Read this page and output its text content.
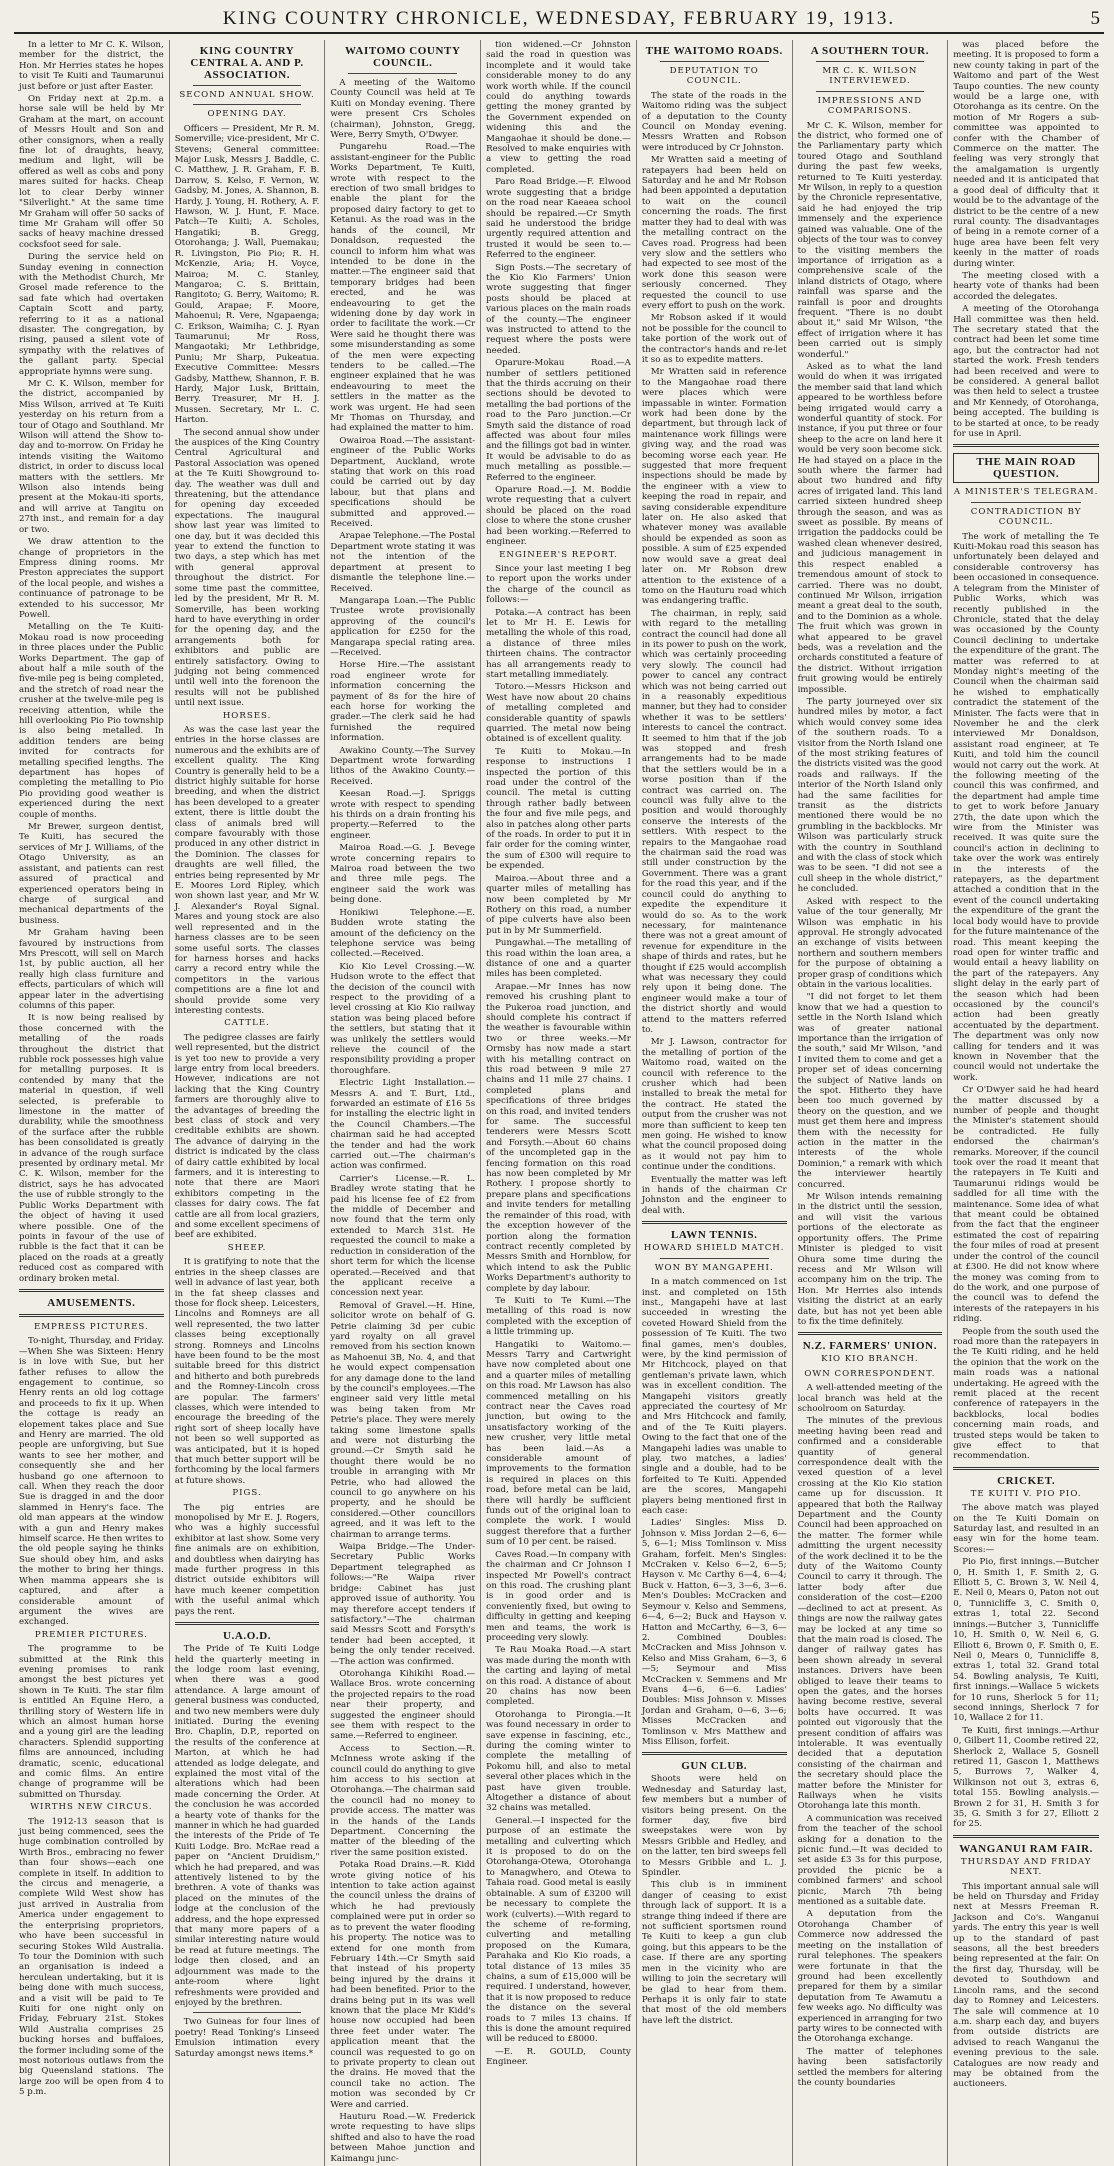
KING COUNTRY CHRONICLE, WEDNESDAY, FEBRUARY 19, 1913.	5

In a letter to Mr C. K. Wilson, member for the district, the Hon. Mr Herries states he hopes to visit Te Kuiti and Taumarunui just before or just after Easter.

On Friday next at 2p.m. a horse sale will be held by Mr Graham at the mart, on account of Messrs Hoult and Son and other consignors, when a really fine lot of draughts, heavy, medium and light, will be offered as well as cobs and pony mares suited for hacks. Cheap lot to clear Derby winner "Silverlight." At the same time Mr Graham will offer 50 sacks of time Mr Graham will offer 50 sacks of heavy machine dressed cocksfoot seed for sale.

During the service held on Sunday evening in connection with the Methodist Church, Mr Grosel made reference to the sad fate which had overtaken Captain Scott and party, referring to it as a national disaster. The congregation, by rising, paused a silent vote of sympathy with the relatives of the gallant party. Special appropriate hymns were sung.

Mr C. K. Wilson, member for the district, accompanied by Miss Wilson, arrived at Te Kuiti yesterday on his return from a tour of Otago and Southland. Mr Wilson will attend the Show to-day and to-morrow. On Friday he intends visiting the Waitomo district, in order to discuss local matters with the settlers. Mr Wilson also intends being present at the Mokau-iti sports, and will arrive at Tangitu on 27th inst., and remain for a day or two.

We draw attention to the change of proprietors in the Empress dining rooms. Mr Preston appreciates the support of the local people, and wishes a continuance of patronage to be extended to his successor, Mr Powell.

Metalling on the Te Kuiti-Mokau road is now proceeding in three places under the Public Works Department. The gap of about half a mile south of the five-mile peg is being completed, and the stretch of road near the crusher at the twelve-mile peg is receiving attention, while the hill overlooking Pio Pio township is also being metalled. In addition tenders are being invited for contracts for metalling specified lengths. The department has hopes of completing the metalling to Pio Pio providing good weather is experienced during the next couple of months.

Mr Brewer, surgeon dentist, Te Kuiti, has secured the services of Mr J. Williams, of the Otago University, as an assistant, and patients can rest assured of practical and experienced operators being in charge of surgical and mechanical departments of the business.

Mr Graham having been favoured by instructions from Mrs Prescott, will sell on March 1st, by public auction, all her really high class furniture and effects, particulars of which will appear later in the advertising columns of this paper.

It is now being realised by those concerned with the metalling of the roads throughout the district that rubble rock possesses high value for metalling purposes. It is contended by many that the material in question, if well selected, is preferable to limestone in the matter of durability, while the smoothness of the surface after the rubble has been consolidated is greatly in advance of the rough surface presented by ordinary metal. Mr C. K. Wilson, member for the district, says he has advocated the use of rubble strongly to the Public Works Department with the object of having it used where possible. One of the points in favour of the use of rubble is the fact that it can be placed on the roads at a greatly reduced cost as compared with ordinary broken metal.

AMUSEMENTS.
EMPRESS PICTURES.

To-night, Thursday, and Friday.—When She was Sixteen: Henry is in love with Sue, but her father refuses to allow the engagement to continue, so Henry rents an old log cottage and proceeds to fix it up. When the cottage is ready an elopement takes place and Sue and Henry are married. The old people are unforgiving, but Sue wants to see her mother, and consequently she and her husband go one afternoon to call. When they reach the door Sue is dragged in and the door slammed in Henry's face. The old man appears at the window with a gun and Henry makes himself scarce. He then writes to the old people saying he thinks Sue should obey him, and asks the mother to bring her things. When mamma appears she is captured, and after a considerable amount of argument the wives are exchanged.

PREMIER PICTURES.

The programme to be submitted at the Rink this evening promises to rank amongst the best pictures yet shown in Te Kuiti. The star film is entitled An Equine Hero, a thrilling story of Western life in which an almost human horse and a young girl are the leading characters. Splendid supporting films are announced, including dramatic, scenic, educational and comic films. An entire change of programme will be submitted on Thursday.

WIRTHS NEW CIRCUS.

The 1912-13 season that is just being commenced, sees the huge combination controlled by Wirth Bros., embracing no fewer than four shows—each one complete in itself. In addition to the circus and menagerie, a complete Wild West show has just arrived in Australia from America under engagement to the enterprising proprietors, who have been successful in securing Stokes Wild Australia. To tour the Dominion with such an organisation is indeed a herculean undertaking, but it is being done with much success, and a visit will be paid to Te Kuiti for one night only on Friday, February 21st. Stokes Wild Australia comprises 25 bucking horses and buffaloes, the former including some of the most notorious outlaws from the big Queensland stations. The large zoo will be open from 4 to 5 p.m.

KING COUNTRY CENTRAL A. AND P. ASSOCIATION.
SECOND ANNUAL SHOW.
OPENING DAY.

Officers — President, Mr R. M. Somerville; vice-president, Mr C. Stevens; General committee: Major Lusk, Messrs J. Baddle, C. C. Matthew, J. R. Graham, F. B. Darrow, S. Kelso, F. Vernon, W. Gadsby, M. Jones, A. Shannon, B. Hardy, J. Young, H. Rothery, A. F. Hawson, W. J. Hunt, F. Mace. Patch—Te Kuiti; A. Scholes, Hangatiki; B. Gregg, Otorohanga; J. Wall, Puemakau; R. Livingston, Pio Pio; R. H. McKenzie, Aria; H. Voyce, Mairoa; M. C. Stanley, Mangaroa; C. S. Brittain, Rangitoto; G. Berry, Waitomo; R. Gould, Arapae; F. Moore, Mahoenui; R. Vere, Ngapaenga; C. Erikson, Waimiha; C. J. Ryan Taumarunui; Mr Ross, Mangaotaki; Mr Lethbridge, Puniu; Mr Sharp, Pukeatua. Executive Committee: Messrs Gadsby, Matthew, Shannon, F. B. Hardy, Major Lusk, Brittain, Berry. Treasurer, Mr H. J. Mussen. Secretary, Mr L. C. Harton.

The second annual show under the auspices of the King Country Central Agricultural and Pastoral Association was opened at the Te Kuiti Showground to-day. The weather was dull and threatening, but the attendance for opening day exceeded expectations. The inaugural show last year was limited to one day, but it was decided this year to extend the function to two days, a step which has met with general approval throughout the district. For some time past the committee, led by the president, Mr R. M. Somerville, has been working hard to have everything in order for the opening day, and the arrangements both for exhibitors and public are entirely satisfactory. Owing to judging not being commenced until well into the forenoon the results will not be published until next issue.

HORSES.

As was the case last year the entries in the horse classes are numerous and the exhibits are of excellent quality. The King Country is generally held to be a district highly suitable for horse breeding, and when the district has been developed to a greater extent, there is little doubt the class of animals bred will compare favourably with those produced in any other district in the Dominion. The classes for draughts are well filled, the entries being represented by Mr E. Moores Lord Ripley, which won shown last year, and Mr W. J. Alexander's Royal Signal. Mares and young stock are also well represented and in the harness classes are to be seen some useful sorts. The classes for harness horses and hacks carry a record entry while the competitors in the various competitions are a fine lot and should provide some very interesting contests.

CATTLE.

The pedigree classes are fairly well represented, but the district is yet too new to provide a very large entry from local breeders. However, indications are not lacking that the King Country farmers are thoroughly alive to the advantages of breeding the best class of stock and very creditable exhibits are shown. The advance of dairying in the district is indicated by the class of dairy cattle exhibited by local farmers, and it is interesting to note that there are Maori exhibitors competing in the classes for dairy cows. The fat cattle are all from local graziers, and some excellent specimens of beef are exhibited.

SHEEP.

It is gratifying to note that the entries in the sheep classes are well in advance of last year, both in the fat sheep classes and those for flock sheep. Leicesters, Lincolns and Romneys are all well represented, the two latter classes being exceptionally strong. Romneys and Lincolns have been found to be the most suitable breed for this district and hitherto and both purebreds and the Romney-Lincoln cross are popular. The farmers' classes, which were intended to encourage the breeding of the right sort of sheep locally have not been so well supported as was anticipated, but it is hoped that much better support will be forthcoming by the local farmers at future shows.

PIGS.

The pig entries are monopolised by Mr E. J. Rogers, who was a highly successful exhibitor at last show. Some very fine animals are on exhibition, and doubtless when dairying has made further progress in this district outside exhibitors will have much keener competition with the useful animal which pays the rent.

U.A.O.D.

The Pride of Te Kuiti Lodge held the quarterly meeting in the lodge room last evening, when there was a good attendance. A large amount of general business was conducted, and two new members were duly initiated. During the evening Bro. Chaplin, D.P., reported on the results of the conference at Marton, at which he had attended as lodge delegate, and explained the most vital of the alterations which had been made concerning the Order. At the conclusion he was accorded a hearty vote of thanks for the manner in which he had guarded the interests of the Pride of Te Kuiti Lodge. Bro. McRae read a paper on "Ancient Druidism," which he had prepared, and was attentively listened to by the brethren. A vote of thanks was placed on the minutes of the lodge at the conclusion of the address, and the hope expressed that many more papers of a similar interesting nature would be read at future meetings. The lodge then closed, and an adjournment was made to the ante-room where light refreshments were provided and enjoyed by the brethren.

Two Guineas for four lines of poetry! Read Tonking's Linseed Emulsion intimation every Saturday amongst news items.*

WAITOMO COUNTY COUNCIL.

A meeting of the Waitomo County Council was held at Te Kuiti on Monday evening. There were present Crs Scholes (chairman), Johnston, Gregg, Were, Berry Smyth, O'Dwyer.

Pungarehu Road.—The assistant-engineer for the Public Works Department, Te Kuiti, wrote with respect to the erection of two small bridges to enable the plant for the proposed dairy factory to get to Ketanui. As the road was in the hands of the council, Mr Donaldson, requested the council to inform him what was intended to be done in the matter.—The engineer said that temporary bridges had been erected, and he was endeavouring to get the widening done by day work in order to facilitate the work.—Cr Were said he thought there was some misunderstanding as some of the men were expecting tenders to be called.—The engineer explained that he was endeavouring to meet the settlers in the matter as the work was urgent. He had seen Mr Thomas on Thursday, and had explained the matter to him.

Owairoa Road.—The assistant-engineer of the Public Works Department, Auckland, wrote stating that work on this road could be carried out by day labour, but that plans and specifications should be submitted and approved.—Received.

Arapae Telephone.—The Postal Department wrote stating it was not the intention of the department at present to dismantle the telephone line.—Received.

Mangarapa Loan.—The Public Trustee wrote provisionally approving of the council's application for £250 for the Mangarapa special rating area.—Received.

Horse Hire.—The assistant road engineer wrote for information concerning the payment of 8s for the hire of each horse for working the grader.—The clerk said he had furnished the required information.

Awakino County.—The Survey Department wrote forwarding lithos of the Awakino County.—Received.

Keesan Road.—J. Spriggs wrote with respect to spending his thirds on a drain fronting his property.—Referred to the engineer.

Mairoa Road.—G. J. Bevege wrote concerning repairs to Mairoa road between the two and three mile pegs. The engineer said the work was being done.

Honikiwi Telephone.—E. Budden wrote stating the amount of the deficiency on the telephone service was being collected.—Received.

Kio Kio Level Crossing.—W. Hudson wrote to the effect that the decision of the council with respect to the providing of a level crossing at Kio Kio railway station was being placed before the settlers, but stating that it was unlikely the settlers would relieve the council of the responsibility providing a proper thoroughfare.

Electric Light Installation.—Messrs A. and T. Burt, Ltd., forwarded an estimate of £16 5s for installing the electric light in the Council Chambers.—The chairman said he had accepted the tender and had the work carried out.—The chairman's action was confirmed.

Carrier's License.—R. L. Bradley wrote stating that he paid his license fee of £2 from the middle of December and now found that the term only extended to March 31st. He requested the council to make a reduction in consideration of the short term for which the license operated.—Received and that the applicant receive a concession next year.

Removal of Gravel.—H. Hine, solicitor wrote on behalf of G. Petrie claiming 3d per cubic yard royalty on all gravel removed from his section known as Mahoenui 3B, No. 4, and that he would expect compensation for any damage done to the land by the council's employees.—The engineer said very little metal was being taken from Mr Petrie's place. They were merely taking some limestone spalls and were not disturbing the ground.—Cr Smyth said he thought there would be no trouble in arranging with Mr Petrie, who had allowed the council to go anywhere on his property, and he should be considered.—Other councillors agreed, and it was left to the chairman to arrange terms.

Waipa Bridge.—The Under-Secretary Public Works Department telegraphed as follows:—"Re Waipa river bridge: Cabinet has just approved issue of authority. You may therefore accept tenders if satisfactory."—The chairman said Messrs Scott and Forsyth's tender had been accepted, it being the only tender received.—The action was confirmed.

Otorohanga Kihikihi Road.—Wallace Bros. wrote concerning the projected repairs to the road near their property, and suggested the engineer should see them with respect to the same.—Referred to engineer.

Access to Section.—R. McInness wrote asking if the council could do anything to give him access to his section at Otorohanga.—The chairman said the council had no money to provide access. The matter was in the hands of the Lands Department. Concerning the matter of the bleeding of the river the same position existed.

Potaka Road Drains.—R. Kidd wrote giving notice of his intention to take action against the council unless the drains of which he had previously complained were put in order so as to prevent the water flooding his property. The notice was to extend for one month from February 14th.—Cr Smyth said that instead of his property being injured by the drains it had been benefited. Prior to the drains being put in its was well known that the place Mr Kidd's house now occupied had been three feet under water. The application meant that the council was requested to go on to private property to clean out the drains. He moved that the council take no action. The motion was seconded by Cr Were and carried.

Hauturu Road.—W. Frederick wrote requesting to have slips shifted and also to have the road between Mahoe junction and Kaimangu junc-

tion widened.—Cr Johnston said the road in question was incomplete and it would take considerable money to do any work worth while. If the council could do anything towards getting the money granted by the Government expended on widening this and the Mangaohae it should be done.—Resolved to make enquiries with a view to getting the road completed.

Paro Road Bridge.—F. Elwood wrote suggesting that a bridge on the road near Kaeaea school should be repaired.—Cr Smyth said he understood the bridge urgently required attention and trusted it would be seen to.—Referred to the engineer.

Sign Posts.—The secretary of the Kio Kio Farmers' Union wrote suggesting that finger posts should be placed at various places on the main roads of the county.—The engineer was instructed to attend to the request where the posts were needed.

Oparure-Mokau Road.—A number of settlers petitioned that the thirds accruing on their sections should be devoted to metalling the bad portions of the road to the Paro junction.—Cr Smyth said the distance of road affected was about four miles and the fillings got bad in winter. It would be advisable to do as much metalling as possible.—Referred to the engineer.

Oparure Road.—J. M. Boddie wrote requesting that a culvert should be placed on the road close to where the stone crusher had been working.—Referred to engineer.

ENGINEER'S REPORT.

Since your last meeting I beg to report upon the works under the charge of the council as follows:—

Potaka.—A contract has been let to Mr H. E. Lewis for metalling the whole of this road, a distance of three miles thirteen chains. The contractor has all arrangements ready to start metalling immediately.

Totoro.—Messrs Hickson and West have now about 20 chains of metalling completed and considerable quantity of spawls quarried. The metal now being obtained is of excellent quality.

Te Kuiti to Mokau.—In response to instructions I inspected the portion of this road under the control of the council. The metal is cutting through rather badly between the four and five mile pegs, and also in patches along other parts of the roads. In order to put it in fair order for the coming winter, the sum of £300 will require to be expended.

Mairoa.—About three and a quarter miles of metalling has now been completed by Mr Rothery on this road, a number of pipe culverts have also been put in by Mr Summerfield.

Pungawhai.—The metalling of this road within the loan area, a distance of one and a quarter miles has been completed.

Arapae.—Mr Innes has now removed his crushing plant to the Pukeroa road junction, and should complete his contract if the weather is favourable within two or three weeks.—Mr Ormsby has now made a start with his metalling contract on this road between 9 mile 27 chains and 11 mile 27 chains. I completed plans and specifications of three bridges on this road, and invited tenders for same. The successful tenderers were Messrs Scott and Forsyth.—About 60 chains of the uncompleted gap in the fencing formation on this road has now been completed by Mr Rothery. I propose shortly to prepare plans and specifications and invite tenders for metalling the remainder of this road, with the exception however of the portion along the formation contract recently completed by Messrs Smith and Hornblow, for which intend to ask the Public Works Department's authority to complete by day labour.

Te Kuiti to Te Kumi.—The metalling of this road is now completed with the exception of a little trimming up.

Hangatiki to Waitomo.—Messrs Tarry and Cartwright have now completed about one and a quarter miles of metalling on this road. Mr Lawson has also commenced metalling on his contract near the Caves road junction, but owing to the unsatisfactory working of the new crusher, very little metal has been laid.—As a considerable amount of improvements to the formation is required in places on this road, before metal can be laid, there will hardly be sufficient funds out of the original loan to complete the work. I would suggest therefore that a further sum of 10 per cent. be raised.

Caves Road.—In company with the chairman and Cr Johnson I inspected Mr Powell's contract on this road. The crushing plant is in good order and is conveniently fixed, but owing to difficulty in getting and keeping men and teams, the work is proceeding very slowly.

Te Rau Moaka Road.—A start was made during the month with the carting and laying of metal on this road. A distance of about 20 chains has now been completed.

Otorohanga to Pirongia.—It was found necessary in order to save expense in fascining, etc., during the coming winter to complete the metalling of Pokomu hill, and also to metal several other places which in the past have given trouble. Altogether a distance of about 32 chains was metalled.

General.—I inspected for the purpose of an estimate the metalling and culverting which it is proposed to do on the Otorohanga-Otewa, Otorohanga to Managwhero, and Otewa to Tahaia road. Good metal is easily obtainable. A sum of £3200 will be necessary to complete the work (culverts).—With regard to the scheme of re-forming, culverting and metalling proposed on the Kumara, Parahaka and Kio Kio roads, a total distance of 13 miles 35 chains, a sum of £15,000 will be required. I understand, however, that it is now proposed to reduce the distance on the several roads to 7 miles 13 chains. If this is done the amount required will be reduced to £8000.

—E. R. GOULD, County Engineer.

THE WAITOMO ROADS.
DEPUTATION TO COUNCIL.

The state of the roads in the Waitomo riding was the subject of a deputation to the County Council on Monday evening. Messrs Wratten and Robson were introduced by Cr Johnston.

Mr Wratten said a meeting of ratepayers had been held on Saturday and he and Mr Robson had been appointed a deputation to wait on the council concerning the roads. The first matter they had to deal with was the metalling contract on the Caves road. Progress had been very slow and the settlers who had expected to see most of the work done this season were seriously concerned. They requested the council to use every effort to push on the work.

Mr Robson asked if it would not be possible for the council to take portion of the work out of the contractor's hands and re-let it so as to expedite matters.

Mr Wratten said in reference to the Mangaohae road there were places which were impassable in winter. Formation work had been done by the department, but through lack of maintenance work fillings were giving way, and the road was becoming worse each year. He suggested that more frequent inspections should be made by the engineer with a view to keeping the road in repair, and saving considerable expenditure later on. He also asked that whatever money was available should be expended as soon as possible. A sum of £25 expended now would save a great deal later on. Mr Robson drew attention to the existence of a tomo on the Hauturu road which was endangering traffic.

The chairman, in reply, said with regard to the metalling contract the council had done all in its power to push on the work, which was certainly proceeding very slowly. The council had power to cancel any contract which was not being carried out in a reasonably expeditious manner, but they had to consider whether it was to be settlers' interests to cancel the contract. It seemed to him that if the job was stopped and fresh arrangements had to be made that the settlers would be in a worse position than if the contract was carried on. The council was fully alive to the position and would thoroughly conserve the interests of the settlers. With respect to the repairs to the Mangaohae road the chairman said the road was still under construction by the Government. There was a grant for the road this year, and if the council could do anything to expedite the expenditure it would do so. As to the work necessary, for maintenance there was not a great amount of revenue for expenditure in the shape of thirds and rates, but he thought if £25 would accomplish what was necessary they could rely upon it being done. The engineer would make a tour of the district shortly and would attend to the matters referred to.

Mr J. Lawson, contractor for the metalling of portion of the Waitomo road, waited on the council with reference to the crusher which had been installed to break the metal for the contract. He stated the output from the crusher was not more than sufficient to keep ten men going. He wished to know what the council proposed doing as it would not pay him to continue under the conditions.

Eventually the matter was left in hands of the chairman Cr Johnston and the engineer to deal with.

LAWN TENNIS.
HOWARD SHIELD MATCH.
WON BY MANGAPEHI.

In a match commenced on 1st inst. and completed on 15th inst., Mangapehi have at last succeeded in wresting the coveted Howard Shield from the possession of Te Kuiti. The two final games, men's doubles, were, by the kind permission of Mr Hitchcock, played on that gentleman's private lawn, which was in excellent condition. The Mangapehi visitors greatly appreciated the courtesy of Mr and Mrs Hitchcock and family, and of the Te Kuiti players. Owing to the fact that one of the Mangapehi ladies was unable to play, two matches, a ladies' single and a double, had to be forfeited to Te Kuiti. Appended are the scores, Mangapehi players being mentioned first in each case:

Ladies' Singles: Miss D. Johnson v. Miss Jordan 2—6, 6—5, 6—1; Miss Tomlinson v. Miss Graham, forfeit. Men's Singles: McCraken v. Kelso 6—2, 6—5; Hayson v. Mc Carthy 6—4, 6—4; Buck v. Hatton, 6—3, 3—6, 3—6. Men's Doubles: McCracken and Seymour v. Kelso and Semmens, 6—4, 6—2; Buck and Hayson v. Hatton and McCarthy, 6—3, 6—2. Combined Doubles: McCracken and Miss Johnson v. Kelso and Miss Graham, 6—3, 6—5; Seymour and Miss McCracken v. Semmens and Mr Evans 4—6, 6—6. Ladies' Doubles: Miss Johnson v. Misses Jordan and Graham, 0—6, 3—6; Misses McCracken and Tomlinson v. Mrs Matthew and Miss Ellison, forfeit.

GUN CLUB.

Shoots were held on Wednesday and Saturday last, few members but a number of visitors being present. On the former day, five bird sweepstakes were won by Messrs Gribble and Hedley, and on the latter, ten bird sweeps fell to Messrs Gribble and L. J. Spindler.

This club is in imminent danger of ceasing to exist through lack of support. It is a strange thing indeed if there are not sufficient sportsmen round Te Kuiti to keep a gun club going, but this appears to be the case. If there are any sporting men in the vicinity who are willing to join the secretary will be glad to hear from them. Perhaps it is only fair to state that most of the old members have left the district.

A SOUTHERN TOUR.
MR C. K. WILSON INTERVIEWED.
IMPRESSIONS AND COMPARISONS.

Mr C. K. Wilson, member for the district, who formed one of the Parliamentary party which toured Otago and Southland during the past few weeks, returned to Te Kuiti yesterday. Mr Wilson, in reply to a question by the Chronicle representative, said he had enjoyed the trip immensely and the experience gained was valuable. One of the objects of the tour was to convey to the visiting members the importance of irrigation as a comprehensive scale of the inland districts of Otago, where rainfall was sparse and the rainfall is poor and droughts frequent. "There is no doubt about it," said Mr Wilson, "the effect of irrigation where it has been carried out is simply wonderful."

Asked as to what the land would do when it was irrigated the member said that land which appeared to be worthless before being irrigated would carry a wonderful quantity of stock. For instance, if you put three or four sheep to the acre on land here it would be very soon become sick. He had stayed on a place in the south where the farmer had about two hundred and fifty acres of irrigated land. This land carried sixteen hundred sheep through the season, and was as sweet as possible. By means of irrigation the paddocks could be washed clean whenever desired, and judicious management in this respect enabled a tremendous amount of stock to carried. There was no doubt, continued Mr Wilson, irrigation meant a great deal to the south, and to the Dominion as a whole. The fruit which was grown in what appeared to be gravel beds, was a revelation and the orchards constituted a feature of the district. Without irrigation fruit growing would be entirely impossible.

The party journeyed over six hundred miles by motor, a fact which would convey some idea of the southern roads. To a visitor from the North Island one of the most striking features of the districts visited was the good roads and railways. If the interior of the North Island only had the same facilities for transit as the districts mentioned there would be no grumbling in the backblocks. Mr Wilson was particularly struck with the country in Southland and with the class of stock which was to be seen. "I did not see a cull sheep in the whole district," he concluded.

Asked with respect to the value of the tour generally, Mr Wilson was emphatic in his approval. He strongly advocated an exchange of visits between northern and southern members for the purpose of obtaining a proper grasp of conditions which obtain in the various localities.

"I did not forget to let them know that we had a question to settle in the North Island which was of greater national importance than the irrigation of the south," said Mr Wilson, "and I invited them to come and get a proper set of ideas concerning the subject of Native lands on the spot. Hitherto they have been too much governed by theory on the question, and we must get them here and impress them with the necessity for action in the matter in the interests of the whole Dominion," a remark with which the interviewer heartily concurred.

Mr Wilson intends remaining in the district until the session, and will visit the various portions of the electorate as opportunity offers. The Prime Minister is pledged to visit Ohura some time during the recess and Mr Wilson will accompany him on the trip. The Hon. Mr Herries also intends visiting the district at an early date, but has not yet been able to fix the time definitely.

N.Z. FARMERS' UNION.
KIO KIO BRANCH.
OWN CORRESPONDENT.

A well-attended meeting of the local branch was held at the schoolroom on Saturday.

The minutes of the previous meeting having been read and confirmed and a considerable quantity of general correspondence dealt with the vexed question of a level crossing at the Kio Kio station came up for discussion. It appeared that both the Railway Department and the County Council had been approached on the matter. The former while admitting the urgent necessity of the work declined it to be the duty of the Waitomo County Council to carry it through. The latter body after due consideration of the cost—£200—declined to act at present. As things are now the railway gates may be locked at any time so that the main road is closed. The danger of railway gates has been shown already in several instances. Drivers have been obliged to leave their teams to open the gates, and the horses having become restive, several bolts have occurred. It was pointed out vigorously that the present condition of affairs was intolerable. It was eventually decided that a deputation consisting of the chairman and the secretary should place the matter before the Minister for Railways when he visits Otorohanga late this month.

A communication was received from the teacher of the school asking for a donation to the picnic fund.—It was decided to set aside £3 3s for this purpose, provided the picnic be a combined farmers' and school picnic, March 7th being mentioned as a suitable date.

A deputation from the Otorohanga Chamber of Commerce now addressed the meeting on the installation of rural telephones. The speakers were fortunate in that the ground had been excellently prepared for them by a similar deputation from Te Awamutu a few weeks ago. No difficulty was experienced in arranging for two party wires to be connected with the Otorohanga exchange.

The matter of telephones having been satisfactorily settled the members for altering the county boundaries

was placed before the meeting. It is proposed to form a new county taking in part of the Waitomo and part of the West Taupo counties. The new county would be a large one, with Otorohanga as its centre. On the motion of Mr Rogers a sub-committee was appointed to confer with the Chamber of Commerce on the matter. The feeling was very strongly that the amalgamation is urgently needed and it is anticipated that a good deal of difficulty that it would be to the advantage of the district to be the centre of a new rural county. The disadvantages of being in a remote corner of a huge area have been felt very keenly in the matter of roads during winter.

The meeting closed with a hearty vote of thanks had been accorded the delegates.

A meeting of the Otorohanga Hall committee was then held. The secretary stated that the contract had been let some time ago, but the contractor had not started the work. Fresh tenders had been received and were to be considered. A general ballot was then held to select a trustee and Mr Kennedy, of Otorohanga, being accepted. The building is to be started at once, to be ready for use in April.

THE MAIN ROAD QUESTION.
A MINISTER'S TELEGRAM.
CONTRADICTION BY COUNCIL.

The work of metalling the Te Kuiti-Mokau road this season has unfortunately been delayed and considerable controversy has been occasioned in consequence. A telegram from the Minister of Public Works, which was recently published in the Chronicle, stated that the delay was occasioned by the County Council declining to undertake the expenditure of the grant. The matter was referred to at Monday night's meeting of the Council when the chairman said he wished to emphatically contradict the statement of the Minister. The facts were that in November he and the clerk interviewed Mr Donaldson, assistant road engineer, at Te Kuiti, and told him the council would not carry out the work. At the following meeting of the council this was confirmed, and the department had ample time to get to work before January 27th, the date upon which the wire from the Minister was received. It was quite sure the council's action in declining to take over the work was entirely in the interests of the ratepayers, as the department attached a condition that in the event of the council undertaking the expenditure of the grant the local body would have to provide for the future maintenance of the road. This meant keeping the road open for winter traffic and would entail a heavy liability on the part of the ratepayers. Any slight delay in the early part of the season which had been occasioned by the council's action had been greatly accentuated by the department. The department was only now calling for tenders and it was known in November that the council would not undertake the work.

Cr O'Dwyer said he had heard the matter discussed by a number of people and thought the Minister's statement should be contradicted. He fully endorsed the chairman's remarks. Moreover, if the council took over the road it meant that the ratepayers in Te Kuiti and Taumarunui ridings would be saddled for all time with the maintenance. Some idea of what that meant could be obtained from the fact that the engineer estimated the cost of repairing the four miles of road at present under the control of the council at £300. He did not know where the money was coming from to do the work, and one purpose of the council was to defend the interests of the ratepayers in his riding.

People from the south used the road more than the ratepayers in the Te Kuiti riding, and he held the opinion that the work on the main roads was a national undertaking. He agreed with the remit placed at the recent conference of ratepayers in the backblocks, local bodies concerning main roads, and trusted steps would be taken to give effect to that recommendation.

CRICKET.
TE KUITI V. PIO PIO.

The above match was played on the Te Kuiti Domain on Saturday last, and resulted in an easy win for the home team. Scores:—

Pio Pio, first innings.—Butcher 0, H. Smith 1, F. Smith 2, G. Elliott 5, C. Brown 3, W. Neil 4, E. Neil 0, Mears 0, Paton not out 0, Tunnicliffe 3, C. Smith 0, extras 1, total 22. Second innings.—Butcher 3, Tunnicliffe 10, H. Smith 0, W. Neil 6, G. Elliott 6, Brown 0, F. Smith 0, E. Neil 0, Mears 0, Tunnicliffe 8, extras 1, total 32. Grand total 54. Bowling analysis, Te Kuiti, first innings.—Wallace 5 wickets for 10 runs, Sherlock 5 for 11; second innings, Sherlock 7 for 10, Wallace 2 for 11.

Te Kuiti, first innings.—Arthur 0, Gilbert 11, Coombe retired 22, Sherlock 2, Wallace 5, Gosnell retired 11, Gascon 1, Matthews 5, Burrows 7, Walker 4, Wilkinson not out 3, extras 6, total 155. Bowling analysis.—Brown 2 for 31, H. Smith 3 for 35, G. Smith 3 for 27, Elliott 2 for 25.

WANGANUI RAM FAIR.
THURSDAY AND FRIDAY NEXT.

This important annual sale will be held on Thursday and Friday next at Messrs Freeman R. Jackson and Co's. Wanganui yards. The entry this year is well up to the standard of past seasons, all the best breeders being represented at the fair. On the first day, Thursday, will be devoted to Southdown and Lincoln rams, and the second day to Romney and Leicesters. The sale will commence at 10 a.m. sharp each day, and buyers from outside districts are advised to reach Wanganui the evening previous to the sale. Catalogues are now ready and may be obtained from the auctioneers.
